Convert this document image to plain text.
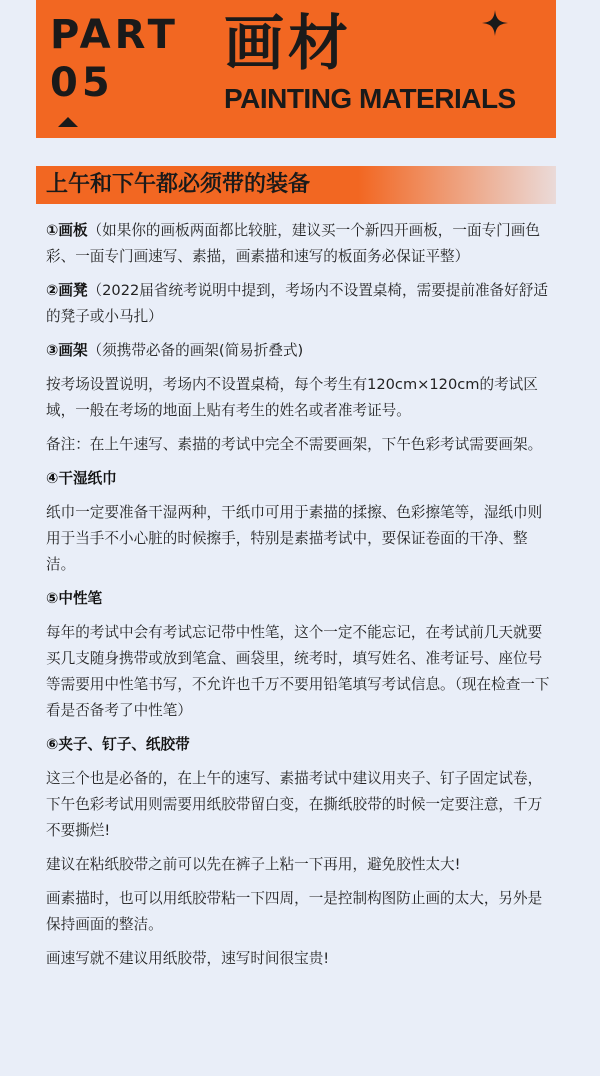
PART
05
画材
PAINTING MATERIALS
上午和下午都必须带的装备

①画板（如果你的画板两面都比较脏，建议买一个新四开画板，一面专门画色彩、一面专门画速写、素描，画素描和速写的板面务必保证平整）

②画凳（2022届省统考说明中提到，考场内不设置桌椅，需要提前准备好舒适的凳子或小马扎）

③画架（须携带必备的画架(简易折叠式)

按考场设置说明，考场内不设置桌椅，每个考生有120cm×120cm的考试区域，一般在考场的地面上贴有考生的姓名或者准考证号。

备注：在上午速写、素描的考试中完全不需要画架，下午色彩考试需要画架。

④干湿纸巾

纸巾一定要准备干湿两种，干纸巾可用于素描的揉擦、色彩擦笔等，湿纸巾则用于当手不小心脏的时候擦手，特别是素描考试中，要保证卷面的干净、整洁。

⑤中性笔

每年的考试中会有考试忘记带中性笔，这个一定不能忘记，在考试前几天就要买几支随身携带或放到笔盒、画袋里，统考时，填写姓名、准考证号、座位号等需要用中性笔书写，不允许也千万不要用铅笔填写考试信息。（现在检查一下看是否备考了中性笔）

⑥夹子、钉子、纸胶带

这三个也是必备的，在上午的速写、素描考试中建议用夹子、钉子固定试卷，下午色彩考试用则需要用纸胶带留白变，在撕纸胶带的时候一定要注意，千万不要撕烂!

建议在粘纸胶带之前可以先在裤子上粘一下再用，避免胶性太大!

画素描时，也可以用纸胶带粘一下四周，一是控制构图防止画的太大，另外是保持画面的整洁。

画速写就不建议用纸胶带，速写时间很宝贵!
